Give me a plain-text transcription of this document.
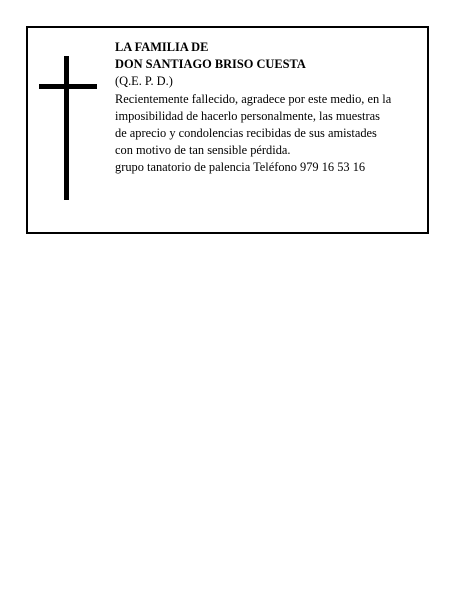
LA FAMILIA DE
DON SANTIAGO BRISO CUESTA
(Q.E. P. D.)
Recientemente fallecido, agradece por este medio, en la
imposibilidad de hacerlo personalmente, las muestras
de aprecio y condolencias recibidas de sus amistades
con motivo de tan sensible pérdida.
grupo tanatorio de palencia Teléfono 979 16 53 16
